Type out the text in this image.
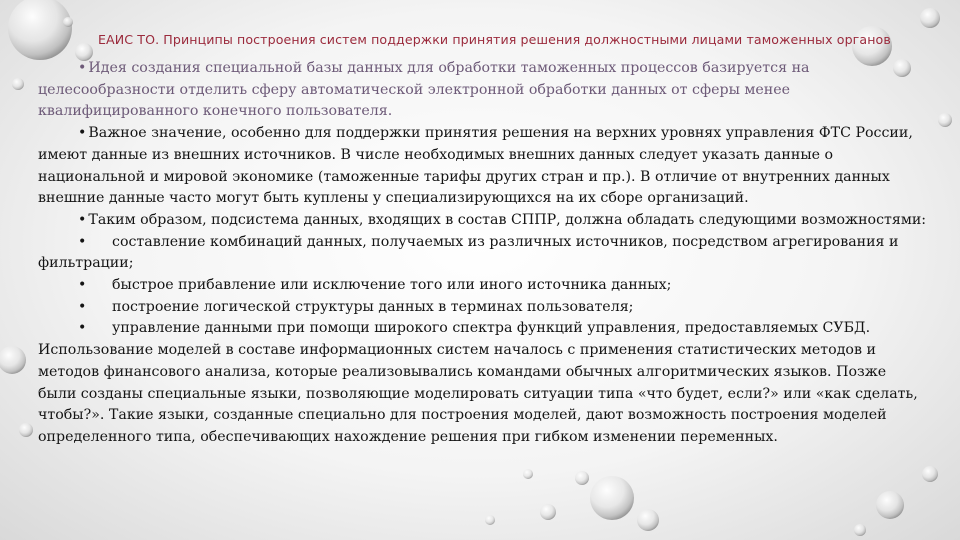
ЕАИС ТО. Принципы построения систем поддержки принятия решения должностными лицами таможенных органов

• Идея создания специальной базы данных для обработки таможенных процессов базируется на целесообразности отделить сферу автоматической электронной обработки данных от сферы менее квалифицированного конечного пользователя.

• Важное значение, особенно для поддержки принятия решения на верхних уровнях управления ФТС России, имеют данные из внешних источников. В числе необходимых внешних данных следует указать данные о национальной и мировой экономике (таможенные тарифы других стран и пр.). В отличие от внутренних данных внешние данные часто могут быть куплены у специализирующихся на их сборе организаций.

• Таким образом, подсистема данных, входящих в состав СППР, должна обладать следующими возможностями:

• составление комбинаций данных, получаемых из различных источников, посредством агрегирования и фильтрации;

• быстрое прибавление или исключение того или иного источника данных;

• построение логической структуры данных в терминах пользователя;

• управление данными при помощи широкого спектра функций управления, предоставляемых СУБД.

Использование моделей в составе информационных систем началось с применения статистических методов и методов финансового анализа, которые реализовывались командами обычных алгоритмических языков. Позже были созданы специальные языки, позволяющие моделировать ситуации типа «что будет, если?» или «как сделать, чтобы?». Такие языки, созданные специально для построения моделей, дают возможность построения моделей определенного типа, обеспечивающих нахождение решения при гибком изменении переменных.
